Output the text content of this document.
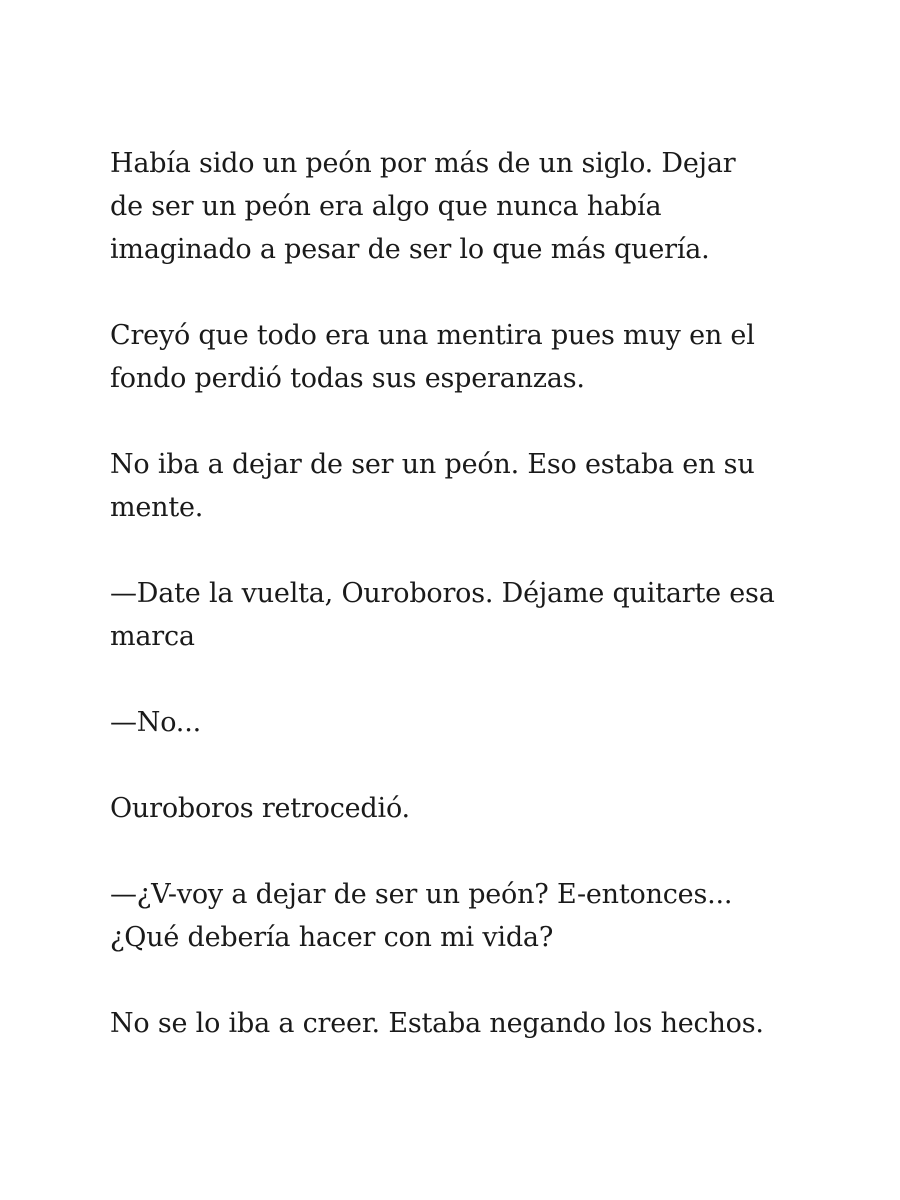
Había sido un peón por más de un siglo. Dejar
de ser un peón era algo que nunca había
imaginado a pesar de ser lo que más quería.

Creyó que todo era una mentira pues muy en el
fondo perdió todas sus esperanzas.

No iba a dejar de ser un peón. Eso estaba en su
mente.

—Date la vuelta, Ouroboros. Déjame quitarte esa
marca

—No...

Ouroboros retrocedió.

—¿V-voy a dejar de ser un peón? E-entonces...
¿Qué debería hacer con mi vida?

No se lo iba a creer. Estaba negando los hechos.
